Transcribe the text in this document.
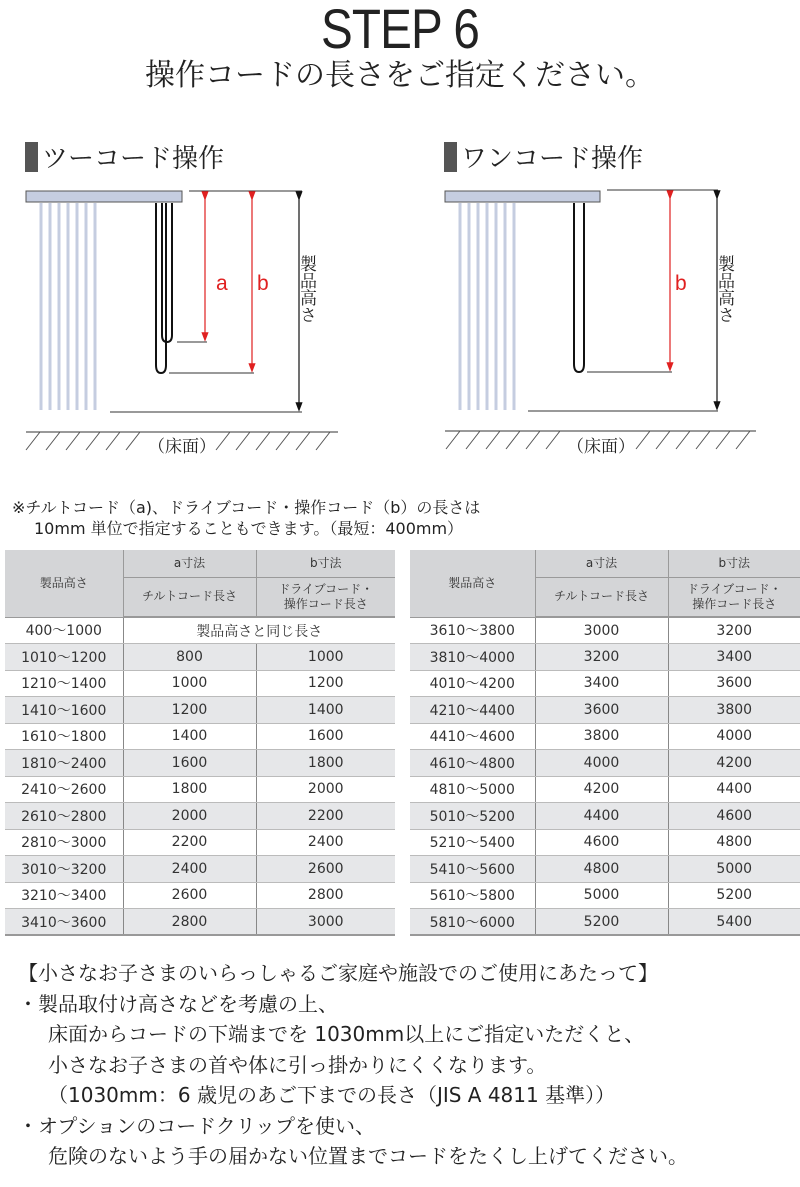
STEP 6
操作コードの長さをご指定ください。
a b
（床面）
製品高さ
ツーコード操作
b
（床面）
製品高さ
ワンコード操作
※チルトコード（a)、ドライブコード・操作コード（b）の長さは
10mm 単位で指定することもできます。（最短：400mm）
製品高さ	a寸法	b寸法
	チルトコード長さ	ドライブコード・
操作コード長さ
400～1000	製品高さと同じ長さ	
1010～1200	800	1000
1210～1400	1000	1200
1410～1600	1200	1400
1610～1800	1400	1600
1810～2400	1600	1800
2410～2600	1800	2000
2610～2800	2000	2200
2810～3000	2200	2400
3010～3200	2400	2600
3210～3400	2600	2800
3410～3600	2800	3000
製品高さ	a寸法	b寸法
	チルトコード長さ	ドライブコード・
操作コード長さ
3610～3800	3000	3200
3810～4000	3200	3400
4010～4200	3400	3600
4210～4400	3600	3800
4410～4600	3800	4000
4610～4800	4000	4200
4810～5000	4200	4400
5010～5200	4400	4600
5210～5400	4600	4800
5410～5600	4800	5000
5610～5800	5000	5200
5810～6000	5200	5400
【小さなお子さまのいらっしゃるご家庭や施設でのご使用にあたって】
・製品取付け高さなどを考慮の上、
床面からコードの下端までを 1030mm以上にご指定いただくと、
小さなお子さまの首や体に引っ掛かりにくくなります。
（1030mm：6 歳児のあご下までの長さ（JIS A 4811 基準））
・オプションのコードクリップを使い、
危険のないよう手の届かない位置までコードをたくし上げてください。
